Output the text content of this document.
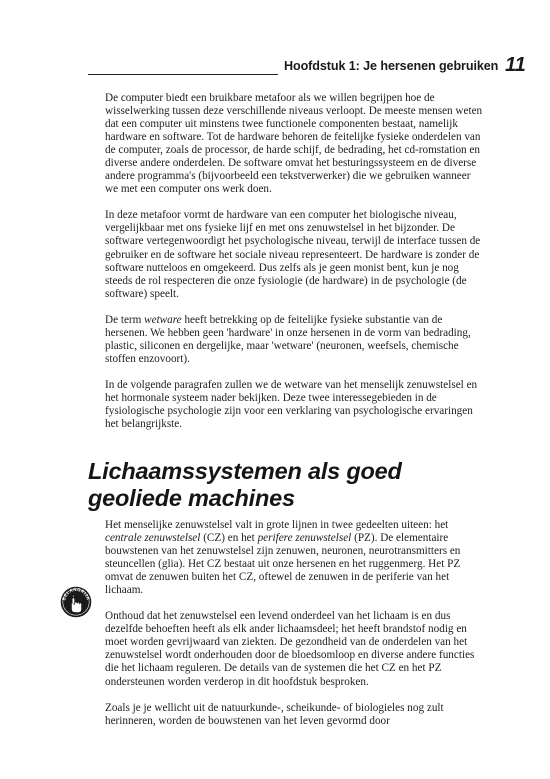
Hoofdstuk 1: Je hersenen gebruiken 11

De computer biedt een bruikbare metafoor als we willen begrijpen hoe de wisselwerking tussen deze verschillende niveaus verloopt. De meeste mensen weten dat een computer uit minstens twee functionele componenten bestaat, namelijk hardware en software. Tot de hardware behoren de feitelijke fysieke onderdelen van de computer, zoals de processor, de harde schijf, de bedrading, het cd-romstation en diverse andere onderdelen. De software omvat het besturingssysteem en de diverse andere programma's (bijvoorbeeld een tekstverwerker) die we gebruiken wanneer we met een computer ons werk doen.

In deze metafoor vormt de hardware van een computer het biologische niveau, vergelijkbaar met ons fysieke lijf en met ons zenuwstelsel in het bijzonder. De software vertegenwoordigt het psychologische niveau, terwijl de interface tussen de gebruiker en de software het sociale niveau representeert. De hardware is zonder de software nutteloos en omgekeerd. Dus zelfs als je geen monist bent, kun je nog steeds de rol respecteren die onze fysiologie (de hardware) in de psychologie (de software) speelt.

De term wetware heeft betrekking op de feitelijke fysieke substantie van de hersenen. We hebben geen 'hardware' in onze hersenen in de vorm van bedrading, plastic, siliconen en dergelijke, maar 'wetware' (neuronen, weefsels, chemische stoffen enzovoort).

In de volgende paragrafen zullen we de wetware van het menselijk zenuwstelsel en het hormonale systeem nader bekijken. Deze twee interessegebieden in de fysiologische psychologie zijn voor een verklaring van psychologische ervaringen het belangrijkste.

Lichaamssystemen als goed geoliede machines

Het menselijke zenuwstelsel valt in grote lijnen in twee gedeelten uiteen: het centrale zenuwstelsel (CZ) en het perifere zenuwstelsel (PZ). De elementaire bouwstenen van het zenuwstelsel zijn zenuwen, neuronen, neurotransmitters en steuncellen (glia). Het CZ bestaat uit onze hersenen en het ruggenmerg. Het PZ omvat de zenuwen buiten het CZ, oftewel de zenuwen in de periferie van het lichaam.

Onthoud dat het zenuwstelsel een levend onderdeel van het lichaam is en dus dezelfde behoeften heeft als elk ander lichaamsdeel; het heeft brandstof nodig en moet worden gevrijwaard van ziekten. De gezondheid van de onderdelen van het zenuwstelsel wordt onderhouden door de bloedsomloop en diverse andere functies die het lichaam reguleren. De details van de systemen die het CZ en het PZ ondersteunen worden verderop in dit hoofdstuk besproken.

Zoals je je wellicht uit de natuurkunde-, scheikunde- of biologieles nog zult herinneren, worden de bouwstenen van het leven gevormd door

BELANGRIJK
